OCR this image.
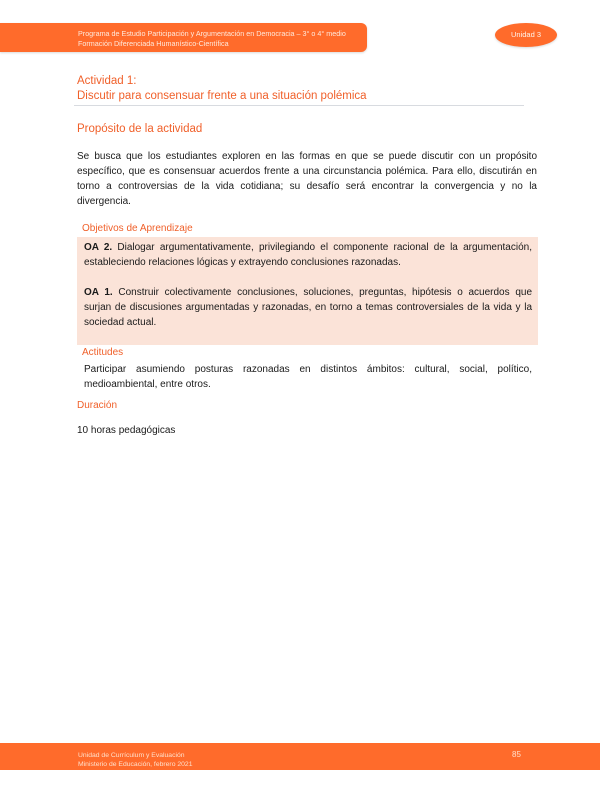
Programa de Estudio Participación y Argumentación en Democracia – 3° o 4° medio
Formación Diferenciada Humanístico-Científica
Unidad 3
Actividad 1:
Discutir para consensuar frente a una situación polémica
Propósito de la actividad
Se busca que los estudiantes exploren en las formas en que se puede discutir con un propósito específico, que es consensuar acuerdos frente a una circunstancia polémica. Para ello, discutirán en torno a controversias de la vida cotidiana; su desafío será encontrar la convergencia y no la divergencia.
Objetivos de Aprendizaje
OA 2. Dialogar argumentativamente, privilegiando el componente racional de la argumentación, estableciendo relaciones lógicas y extrayendo conclusiones razonadas.
OA 1. Construir colectivamente conclusiones, soluciones, preguntas, hipótesis o acuerdos que surjan de discusiones argumentadas y razonadas, en torno a temas controversiales de la vida y la sociedad actual.
Actitudes
Participar asumiendo posturas razonadas en distintos ámbitos: cultural, social, político, medioambiental, entre otros.
Duración
10 horas pedagógicas
Unidad de Currículum y Evaluación
Ministerio de Educación, febrero 2021
85
